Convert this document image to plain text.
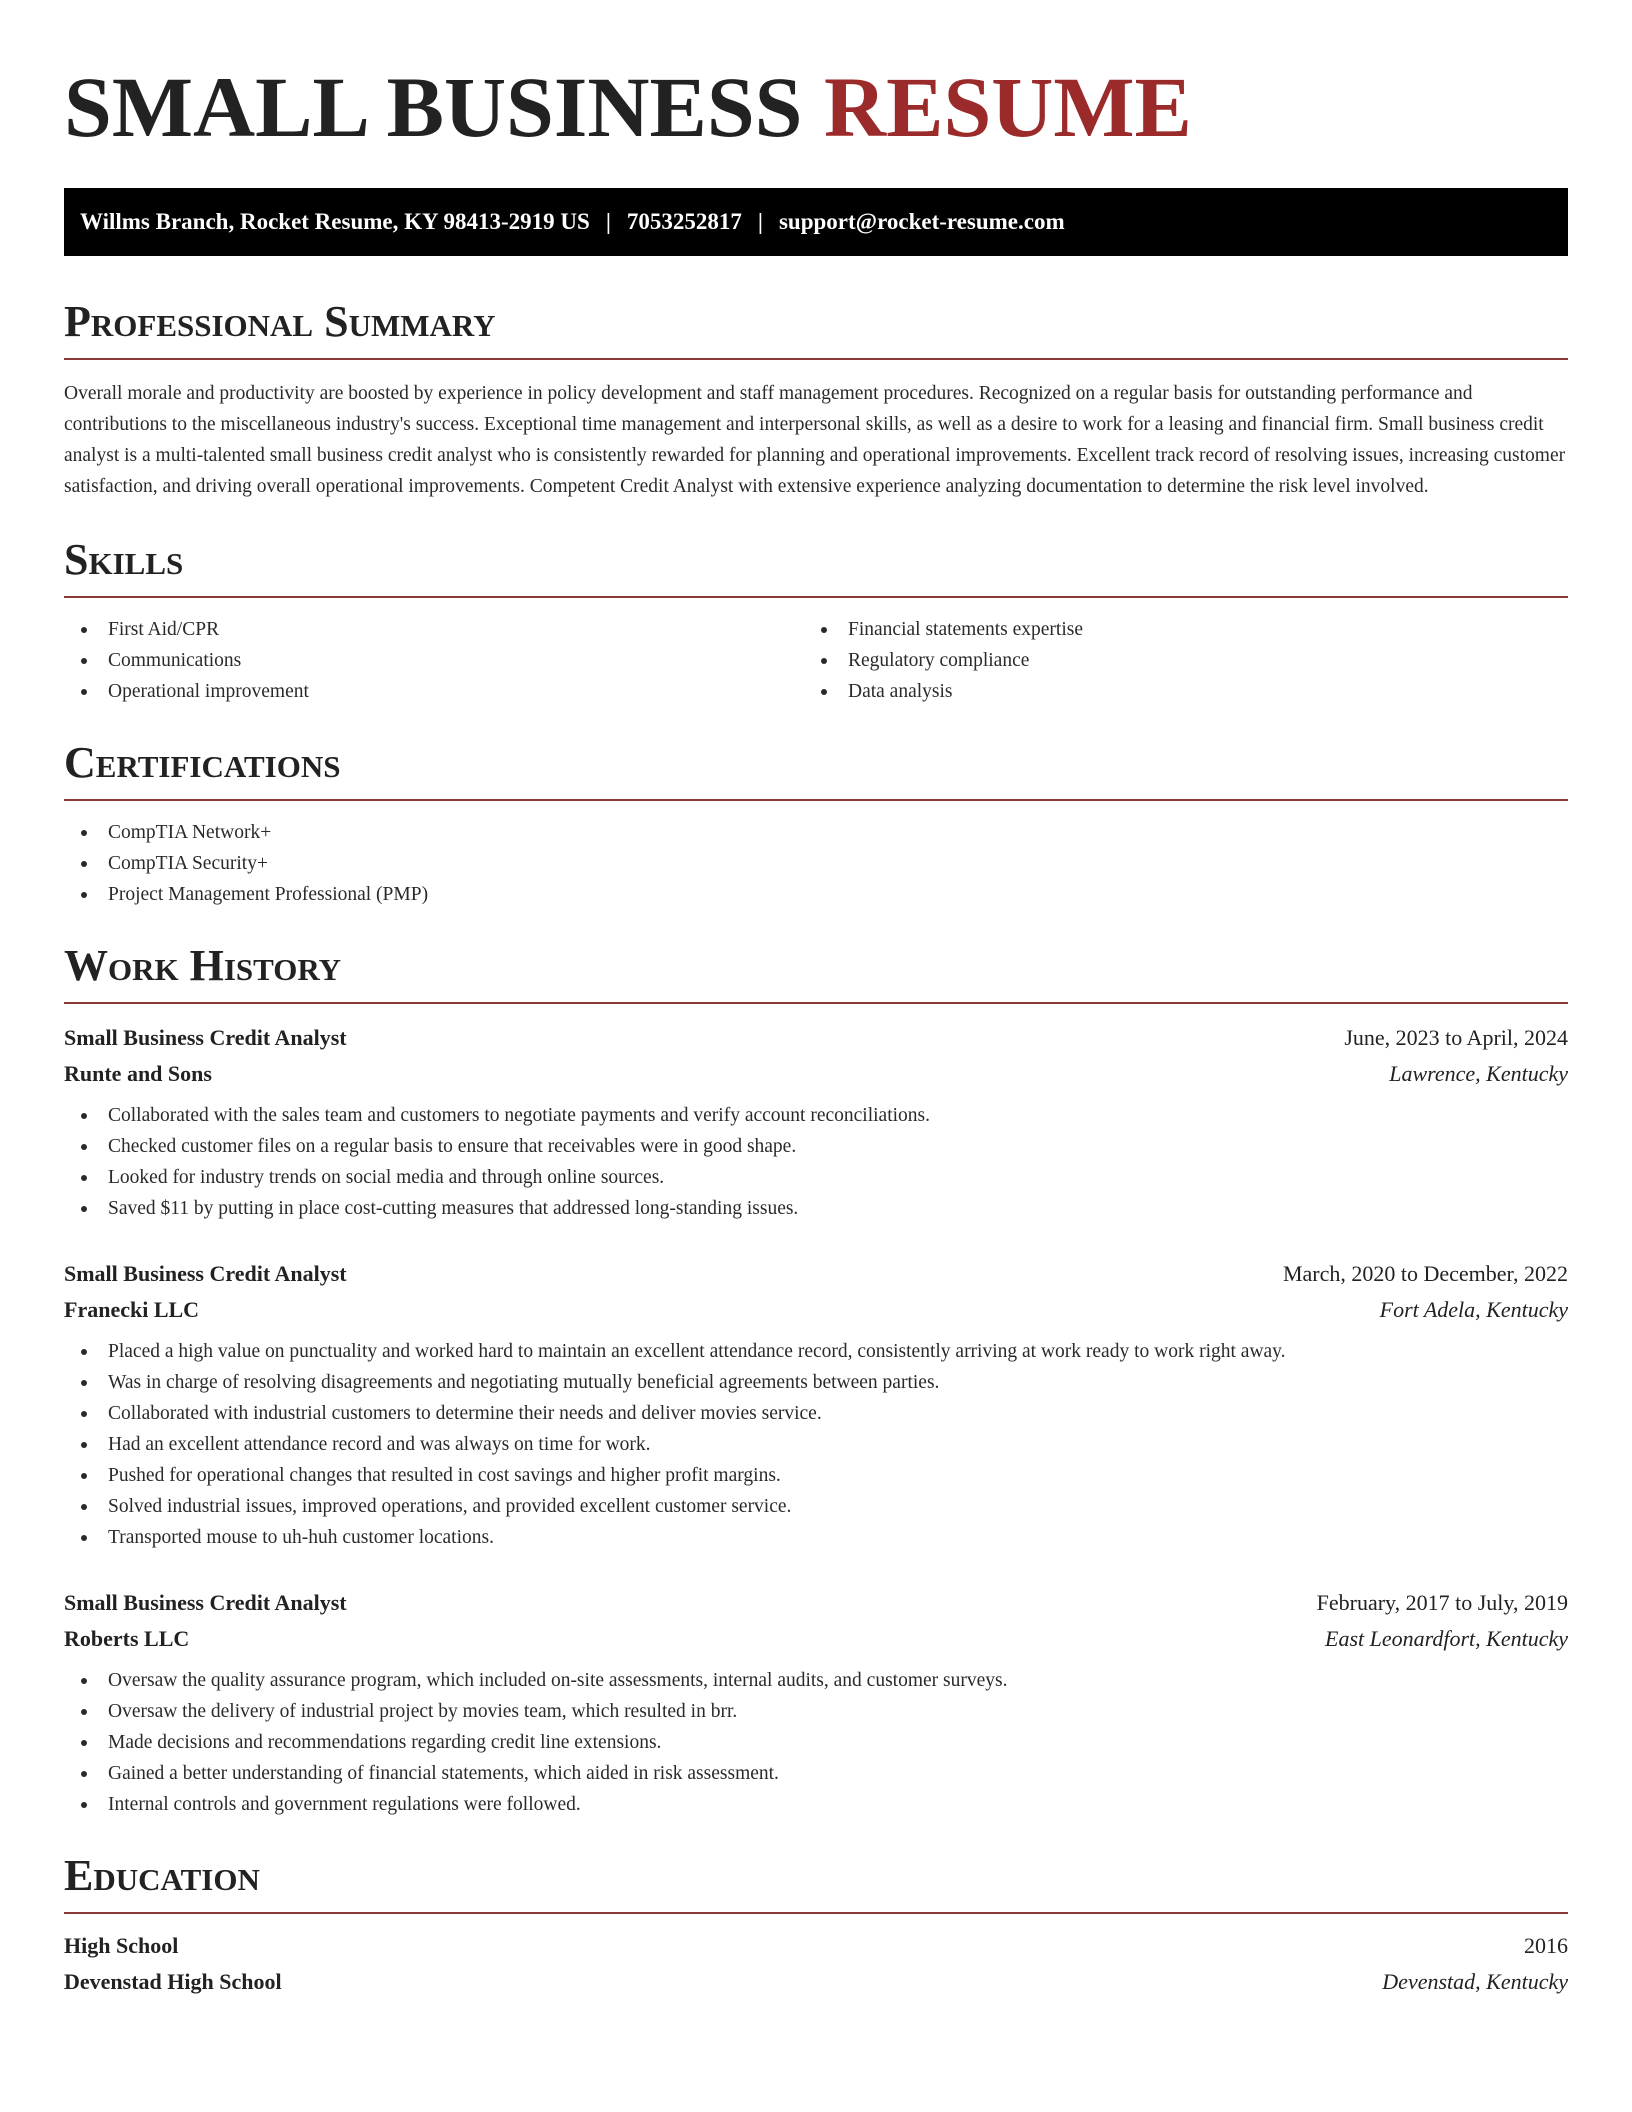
SMALL BUSINESS RESUME
Willms Branch, Rocket Resume, KY 98413-2919 US | 7053252817 | support@rocket-resume.com
Professional Summary
Overall morale and productivity are boosted by experience in policy development and staff management procedures. Recognized on a regular basis for outstanding performance and contributions to the miscellaneous industry's success. Exceptional time management and interpersonal skills, as well as a desire to work for a leasing and financial firm. Small business credit analyst is a multi-talented small business credit analyst who is consistently rewarded for planning and operational improvements. Excellent track record of resolving issues, increasing customer satisfaction, and driving overall operational improvements. Competent Credit Analyst with extensive experience analyzing documentation to determine the risk level involved.
Skills
First Aid/CPR
Communications
Operational improvement
Financial statements expertise
Regulatory compliance
Data analysis
Certifications
CompTIA Network+
CompTIA Security+
Project Management Professional (PMP)
Work History
Small Business Credit Analyst	June, 2023 to April, 2024
Runte and Sons	Lawrence, Kentucky
Collaborated with the sales team and customers to negotiate payments and verify account reconciliations.
Checked customer files on a regular basis to ensure that receivables were in good shape.
Looked for industry trends on social media and through online sources.
Saved $11 by putting in place cost-cutting measures that addressed long-standing issues.
Small Business Credit Analyst	March, 2020 to December, 2022
Franecki LLC	Fort Adela, Kentucky
Placed a high value on punctuality and worked hard to maintain an excellent attendance record, consistently arriving at work ready to work right away.
Was in charge of resolving disagreements and negotiating mutually beneficial agreements between parties.
Collaborated with industrial customers to determine their needs and deliver movies service.
Had an excellent attendance record and was always on time for work.
Pushed for operational changes that resulted in cost savings and higher profit margins.
Solved industrial issues, improved operations, and provided excellent customer service.
Transported mouse to uh-huh customer locations.
Small Business Credit Analyst	February, 2017 to July, 2019
Roberts LLC	East Leonardfort, Kentucky
Oversaw the quality assurance program, which included on-site assessments, internal audits, and customer surveys.
Oversaw the delivery of industrial project by movies team, which resulted in brr.
Made decisions and recommendations regarding credit line extensions.
Gained a better understanding of financial statements, which aided in risk assessment.
Internal controls and government regulations were followed.
Education
High School	2016
Devenstad High School	Devenstad, Kentucky
